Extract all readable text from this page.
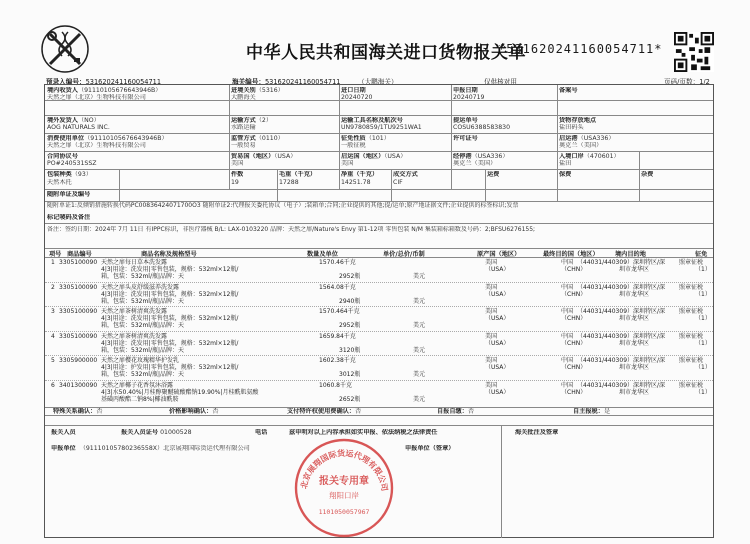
中华人民共和国海关进口货物报关单
*531620241160054711*
预录入编号：531620241160054711	海关编号：531620241160054711	（大鹏海关）	仅供核对用	页码/页数：1/2
境内收货人（91110105676643946B）
天然之扉（北京）生物科技有限公司
进境关别（5316）
大鹏海关
进口日期
20240720
申报日期
20240719
备案号
境外发货人（NO）
AOG NATURALS INC.
运输方式（2）
水路运输
运输工具名称及航次号
UN9780859/1TU9251WA1
提运单号
COSU6388583830
货物存放地点
盐田码头
消费使用单位（91110105676643946B）
天然之扉（北京）生物科技有限公司
监管方式（0110）
一般贸易
征免性质（101）
一般征税
许可证号	启运港（USA336）
奥克兰（美国）
合同协议号
PO#240531SSZ
贸易国（地区）（USA）
美国
启运国（地区）（USA）
美国
经停港（USA336）
奥克兰（美国）
入境口岸（470601）
盐田
包装种类（93）
天然木托
件数
19
毛重（千克）
17288
净重（千克）
14251.78
成交方式
CIF
运费	保费	杂费
随附单证及编号
随附单证1:反倾销措施转换代码PC00836424071700O3 随附单证2:代理报关委托协议（电子）;装箱单;合同;企业提供的其他;提/运单;原产地证据文件;企业提供的标签标识;发票
标记唛码及备注
备注：签约日期：2024年 7月 11日 有IPPC标识，非医疗器械 B/L: LAX-0103220 品牌：天然之扉/Nature's Envy 第1-12项 零售包装 N/M 集装箱标箱数及号码：2;BFSU6276155;
项号 商品编号	商品名称及规格型号	数量及单位	单价/总价/币制	原产国（地区）	最终目的国（地区）	境内目的地	征免
1 3305100090 天然之扉每日草本洗发露
4|3|用途：洗发用|零售包装，规格：532ml×12瓶/
箱，包装：532ml/瓶|品牌：天
1570.46千克
2952瓶	美元
美国
（USA）
中国
（CHN）
（44031/440309）深圳特区/深
圳市龙华区
照章征税
（1）
2 3305100090 天然之扉头皮舒缓滋养洗发露
4|3|用途：洗发用|零售包装，规格：532ml×12瓶/
箱，包装：532ml/瓶|品牌：天
1564.08千克
2940瓶	美元
美国
（USA）
中国
（CHN）
（44031/440309）深圳特区/深
圳市龙华区
照章征税
（1）
3 3305100090 天然之扉茶树清爽洗发露
4|3|用途：洗发用|零售包装，规格：532ml×12瓶/
箱，包装：532ml/瓶|品牌：天
1570.464千克
2952瓶	美元
美国
（USA）
中国
（CHN）
（44031/440309）深圳特区/深
圳市龙华区
照章征税
（1）
4 3305100090 天然之扉茶树清爽洗发露
4|3|用途：洗发用|零售包装，规格：532ml×12瓶/
箱，包装：532ml/瓶|品牌：天
1659.84千克
3120瓶	美元
美国
（USA）
中国
（CHN）
（44031/440309）深圳特区/深
圳市龙华区
照章征税
（1）
5 3305900000 天然之扉樱花玫瑰精华护发乳
4|3|用途：护发用|零售包装，规格：532ml×12瓶/
箱，包装：532ml/瓶|品牌：天
1602.38千克
3012瓶	美元
美国
（USA）
中国
（CHN）
（44031/440309）深圳特区/深
圳市龙华区
照章征税
（1）
6 3401300090 天然之扉椰子花香氛沐浴露
4|3|水50.40%|月桂醇聚醚硫酸酯钠19.90%|月桂酰肌氨酸
基磺丙酸酯二钠8%|椰油酰胺
1060.8千克
2652瓶	美元
美国
（USA）
中国
（CHN）
（44031/440309）深圳特区/深
圳市龙华区
照章征税
（1）
特殊关系确认：否	价格影响确认：否	支付特许权使用费确认：否	自报自缴：否	自主报税：是
报关人员	报关人员证号 01000528	电话	兹申明对以上内容承担如实申报、依法纳税之法律责任	海关批注及签章
申报单位 （91110105780236558X）北京展翔国际货运代理有限公司	申报单位（签章）
北京展翔国际货运代理有限公司
报关专用章
翔阳口岸
1101050057967
